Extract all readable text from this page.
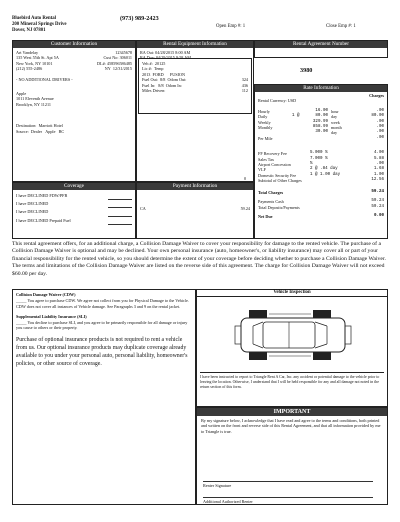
Bluebird Auto Rental
200 Mineral Springs Drive
Dover, NJ 07801
(973) 989-2423
Open Emp #: 1	Close Emp #: 1
Customer Information
Art Vandelay	12345678
135 West 55th St. Apt 5A	Cust No: 306011
New York, NY 10101	DL#: 458596586485
(212) 555-2486	NY 12/31/2015
- NO ADDITIONAL DRIVERS -
Apple
1011 Eleventh Avenue
Brooklyn, NY 11211
Destination: Marriott Hotel
Source: Dealer Apple BC
Rental Equipment Information
RA Out: 04/28/2015 8:00 AM
RA Due: 04/29/2015 9:58 AM
Veh #: 20125
Lic #: Temp
2013 FORD FUSION
Fuel Out: 8/8 Odom Out:	324
Fuel In: 8/8 Odom In:	436
Miles Driven:	112
0
Rental Agreement Number
3980
Rate Information
Charges
Rental Currency: USD
Hourly	16.00 hour	.00
Daily	1 @	80.00 day	80.00
Weekly	329.99 week	.00
Monthly	858.99 month	.00
30.00 day	.00
Per Mile	.00
FF Recovery Fee	5.000 %	4.00
Sales Tax	7.000 %	5.88
Airport Concession	%	.00
VLF	2 @ .84 day	1.68
Domestic Security Fee	1 @ 1.00 day	1.00
Subtotal of Other Charges	12.56
Total Charges	59.24
Payments Cash	59.24
Total Deposits/Payments	59.24
Net Due	0.00
Coverage
I have DECLINED FDW/PFB
I have DECLINED
I have DECLINED
I have DECLINED Prepaid Fuel
Payment Information
CA	59.24
This rental agreement offers, for an additional charge, a Collision Damage Waiver to cover your responsibility for damage to the rented vehicle. The purchase of a Collision Damage Waiver is optional and may be declined. Your own personal insurance (auto, homeowner's, or liability insurance) may cover all or part of your financial responsibility for the rented vehicle, so you should determine the extent of your coverage before deciding whether to purchase a Collision Damage Waiver. The terms and limitations of the Collision Damage Waiver are listed on the reverse side of this agreement. The charge for Collision Damage Waiver will not exceed $60.00 per day.
Collision Damage Waiver (CDW)
_____ You agree to purchase CDW. We agree not collect from you for Physical Damage to the Vehicle. CDW does not cover all instances of Vehicle damage. See Paragraphs 3 and 9 on the rental jacket.
Supplemental Liability Insurance (SLI)
_____ You decline to purchase SLI, and you agree to be primarily responsible for all damage or injury you cause to others or their property.
Purchase of optional insurance products is not required to rent a vehicle from us. Our optional insurance products may duplicate coverage already available to you under your personal auto, personal liability, homeowner's policies, or other source of coverage.
Vehicle Inspection
I have been instructed to report to Triangle Rent A Car, Inc. any accident or potential damage to the vehicle prior to leaving the location. Otherwise, I understand that I will be held responsible for any and all damage not noted in the return section of this form.
IMPORTANT
By my signature below, I acknowledge that I have read and agree to the terms and conditions, both printed and written on the front and reverse side of this Rental Agreement, and that all information provided by me to Triangle is true.
Renter Signature
Additional Authorized Renter
